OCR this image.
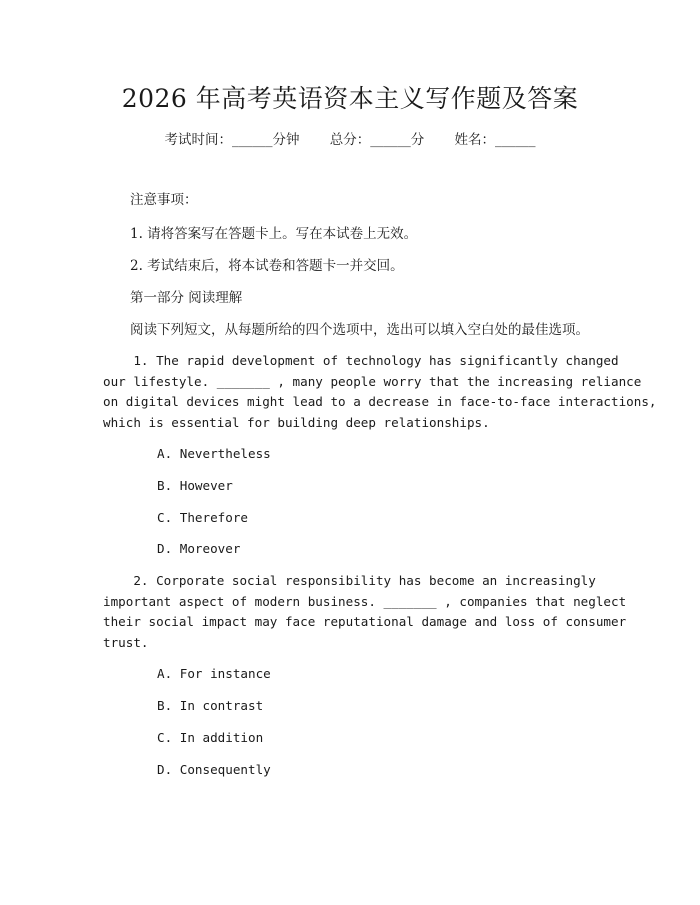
2026 年高考英语资本主义写作题及答案
考试时间：______分钟 总分：______分 姓名：______
注意事项：
1. 请将答案写在答题卡上。写在本试卷上无效。
2. 考试结束后，将本试卷和答题卡一并交回。
第一部分 阅读理解
阅读下列短文，从每题所给的四个选项中，选出可以填入空白处的最佳选项。
1. The rapid development of technology has significantly changed
our lifestyle. _______ , many people worry that the increasing reliance
on digital devices might lead to a decrease in face-to-face interactions,
which is essential for building deep relationships.
A. Nevertheless
B. However
C. Therefore
D. Moreover
2. Corporate social responsibility has become an increasingly
important aspect of modern business. _______ , companies that neglect
their social impact may face reputational damage and loss of consumer
trust.
A. For instance
B. In contrast
C. In addition
D. Consequently
